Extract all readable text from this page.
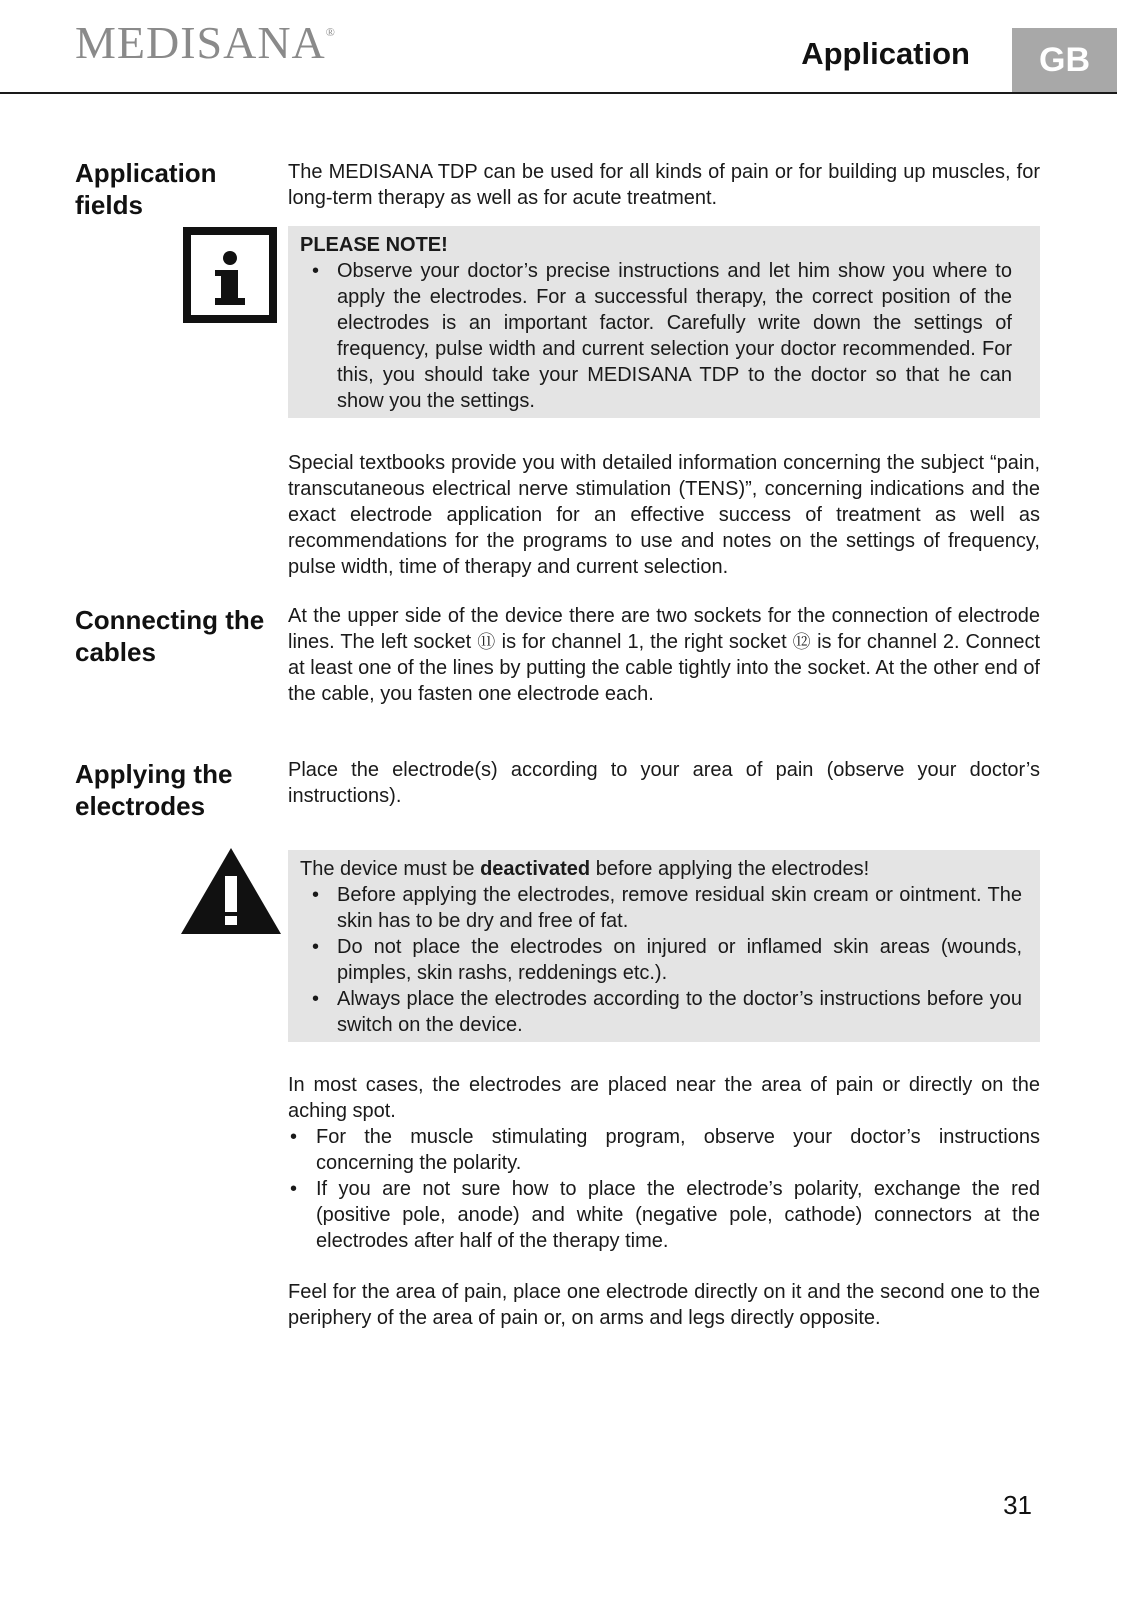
MEDISANA®
Application	GB
Application fields

The MEDISANA TDP can be used for all kinds of pain or for building up muscles, for long-term therapy as well as for acute treatment.

PLEASE NOTE!

• Observe your doctor’s precise instructions and let him show you where to apply the electrodes. For a successful therapy, the correct position of the electrodes is an important factor. Carefully write down the settings of frequency, pulse width and current selection your doctor recommended. For this, you should take your MEDISANA TDP to the doctor so that he can show you the settings.

Special textbooks provide you with detailed information concerning the subject “pain, transcutaneous electrical nerve stimulation (TENS)”, concerning indications and the exact electrode application for an effective success of treatment as well as recommendations for the programs to use and notes on the settings of frequency, pulse width, time of therapy and current selection.

Connecting the cables

At the upper side of the device there are two sockets for the connection of electrode lines. The left socket ⑪ is for channel 1, the right socket ⑫ is for channel 2. Connect at least one of the lines by putting the cable tightly into the socket. At the other end of the cable, you fasten one electrode each.

Applying the electrodes

Place the electrode(s) according to your area of pain (observe your doctor’s instructions).

The device must be deactivated before applying the electrodes!

• Before applying the electrodes, remove residual skin cream or ointment. The skin has to be dry and free of fat.
• Do not place the electrodes on injured or inflamed skin areas (wounds, pimples, skin rashs, reddenings etc.).
• Always place the electrodes according to the doctor’s instructions before you switch on the device.

In most cases, the electrodes are placed near the area of pain or directly on the aching spot.

• For the muscle stimulating program, observe your doctor’s instructions concerning the polarity.
• If you are not sure how to place the electrode’s polarity, exchange the red (positive pole, anode) and white (negative pole, cathode) connectors at the electrodes after half of the therapy time.

Feel for the area of pain, place one electrode directly on it and the second one to the periphery of the area of pain or, on arms and legs directly opposite.

31
